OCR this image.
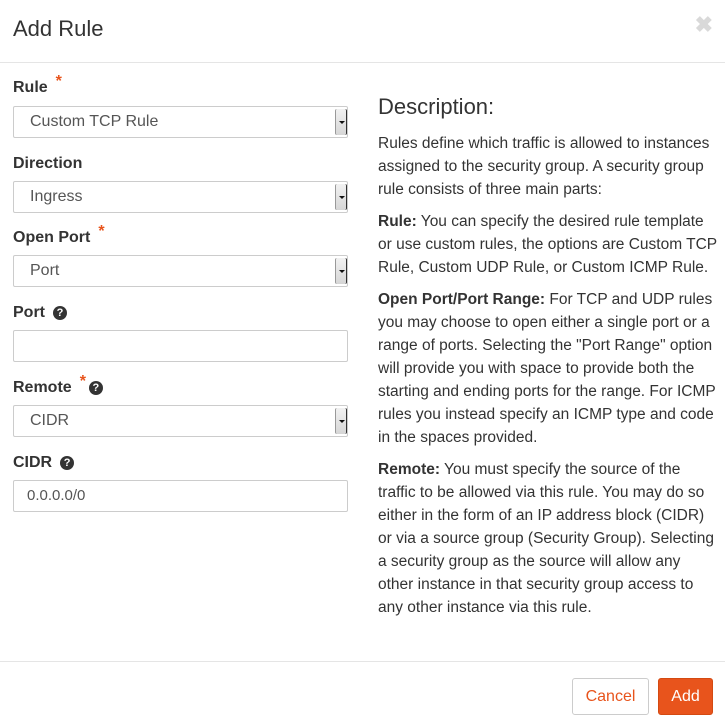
Add Rule	✖
Rule *
Custom TCP Rule
Direction
Ingress
Open Port *
Port
Port	?
Remote * ?
CIDR
CIDR	?
0.0.0.0/0
Description:

Rules define which traffic is allowed to instances assigned to the security group. A security group rule consists of three main parts:

Rule: You can specify the desired rule template or use custom rules, the options are Custom TCP Rule, Custom UDP Rule, or Custom ICMP Rule.

Open Port/Port Range: For TCP and UDP rules you may choose to open either a single port or a range of ports. Selecting the "Port Range" option will provide you with space to provide both the starting and ending ports for the range. For ICMP rules you instead specify an ICMP type and code in the spaces provided.

Remote: You must specify the source of the traffic to be allowed via this rule. You may do so either in the form of an IP address block (CIDR) or via a source group (Security Group). Selecting a security group as the source will allow any other instance in that security group access to any other instance via this rule.

Cancel	Add
